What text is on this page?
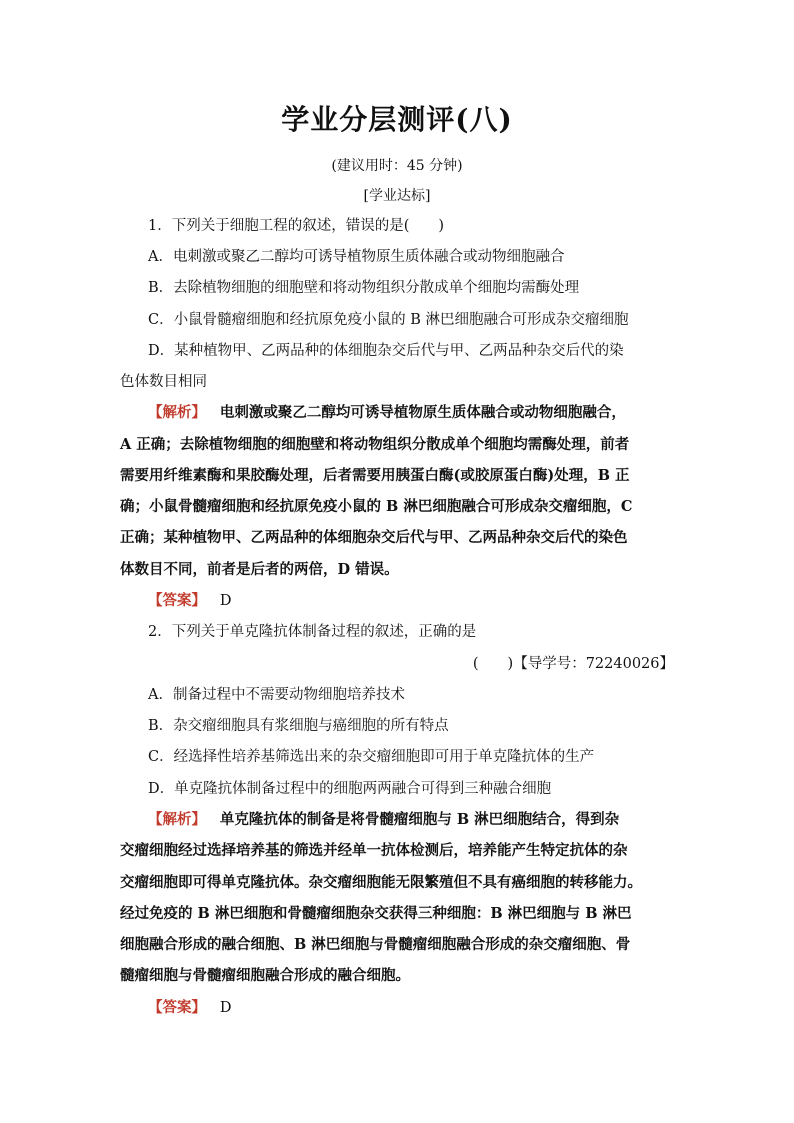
学业分层测评(八)
(建议用时：45 分钟)
[学业达标]
1．下列关于细胞工程的叙述，错误的是(　　)
A．电刺激或聚乙二醇均可诱导植物原生质体融合或动物细胞融合
B．去除植物细胞的细胞壁和将动物组织分散成单个细胞均需酶处理
C．小鼠骨髓瘤细胞和经抗原免疫小鼠的 B 淋巴细胞融合可形成杂交瘤细胞
D．某种植物甲、乙两品种的体细胞杂交后代与甲、乙两品种杂交后代的染
色体数目相同
【解析】 电刺激或聚乙二醇均可诱导植物原生质体融合或动物细胞融合，
A 正确；去除植物细胞的细胞壁和将动物组织分散成单个细胞均需酶处理，前者
需要用纤维素酶和果胶酶处理，后者需要用胰蛋白酶(或胶原蛋白酶)处理，B 正
确；小鼠骨髓瘤细胞和经抗原免疫小鼠的 B 淋巴细胞融合可形成杂交瘤细胞，C
正确；某种植物甲、乙两品种的体细胞杂交后代与甲、乙两品种杂交后代的染色
体数目不同，前者是后者的两倍，D 错误。
【答案】 D
2．下列关于单克隆抗体制备过程的叙述，正确的是
(　　)【导学号：72240026】
A．制备过程中不需要动物细胞培养技术
B．杂交瘤细胞具有浆细胞与癌细胞的所有特点
C．经选择性培养基筛选出来的杂交瘤细胞即可用于单克隆抗体的生产
D．单克隆抗体制备过程中的细胞两两融合可得到三种融合细胞
【解析】 单克隆抗体的制备是将骨髓瘤细胞与 B 淋巴细胞结合，得到杂
交瘤细胞经过选择培养基的筛选并经单一抗体检测后，培养能产生特定抗体的杂
交瘤细胞即可得单克隆抗体。杂交瘤细胞能无限繁殖但不具有癌细胞的转移能力。
经过免疫的 B 淋巴细胞和骨髓瘤细胞杂交获得三种细胞：B 淋巴细胞与 B 淋巴
细胞融合形成的融合细胞、B 淋巴细胞与骨髓瘤细胞融合形成的杂交瘤细胞、骨
髓瘤细胞与骨髓瘤细胞融合形成的融合细胞。
【答案】 D
